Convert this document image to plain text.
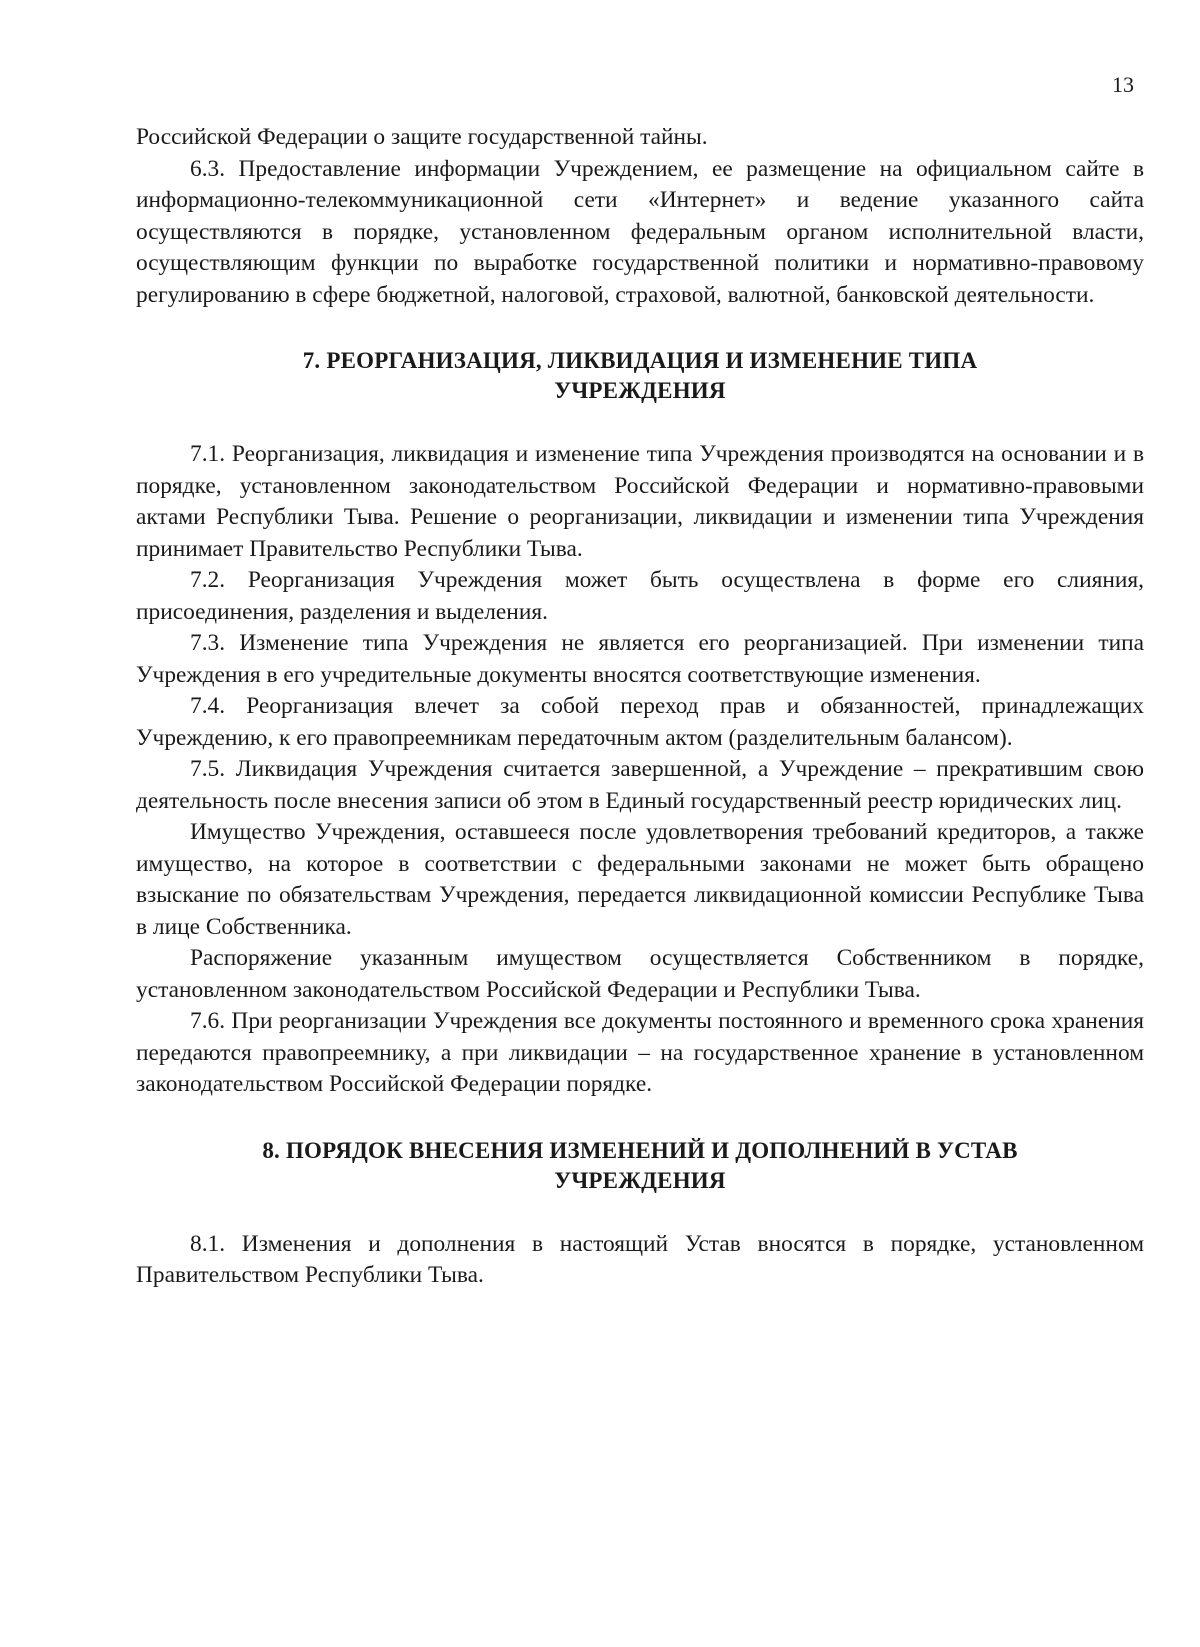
13

Российской Федерации о защите государственной тайны.

6.3. Предоставление информации Учреждением, ее размещение на официальном сайте в информационно-телекоммуникационной сети «Интернет» и ведение указанного сайта осуществляются в порядке, установленном федеральным органом исполнительной власти, осуществляющим функции по выработке государственной политики и нормативно-правовому регулированию в сфере бюджетной, налоговой, страховой, валютной, банковской деятельности.

7. РЕОРГАНИЗАЦИЯ, ЛИКВИДАЦИЯ И ИЗМЕНЕНИЕ ТИПА
УЧРЕЖДЕНИЯ

7.1. Реорганизация, ликвидация и изменение типа Учреждения производятся на основании и в порядке, установленном законодательством Российской Федерации и нормативно-правовыми актами Республики Тыва. Решение о реорганизации, ликвидации и изменении типа Учреждения принимает Правительство Республики Тыва.

7.2. Реорганизация Учреждения может быть осуществлена в форме его слияния, присоединения, разделения и выделения.

7.3. Изменение типа Учреждения не является его реорганизацией. При изменении типа Учреждения в его учредительные документы вносятся соответствующие изменения.

7.4. Реорганизация влечет за собой переход прав и обязанностей, принадлежащих Учреждению, к его правопреемникам передаточным актом (разделительным балансом).

7.5. Ликвидация Учреждения считается завершенной, а Учреждение – прекратившим свою деятельность после внесения записи об этом в Единый государственный реестр юридических лиц.

Имущество Учреждения, оставшееся после удовлетворения требований кредиторов, а также имущество, на которое в соответствии с федеральными законами не может быть обращено взыскание по обязательствам Учреждения, передается ликвидационной комиссии Республике Тыва в лице Собственника.

Распоряжение указанным имуществом осуществляется Собственником в порядке, установленном законодательством Российской Федерации и Республики Тыва.

7.6. При реорганизации Учреждения все документы постоянного и временного срока хранения передаются правопреемнику, а при ликвидации – на государственное хранение в установленном законодательством Российской Федерации порядке.

8. ПОРЯДОК ВНЕСЕНИЯ ИЗМЕНЕНИЙ И ДОПОЛНЕНИЙ В УСТАВ
УЧРЕЖДЕНИЯ

8.1. Изменения и дополнения в настоящий Устав вносятся в порядке, установленном Правительством Республики Тыва.
